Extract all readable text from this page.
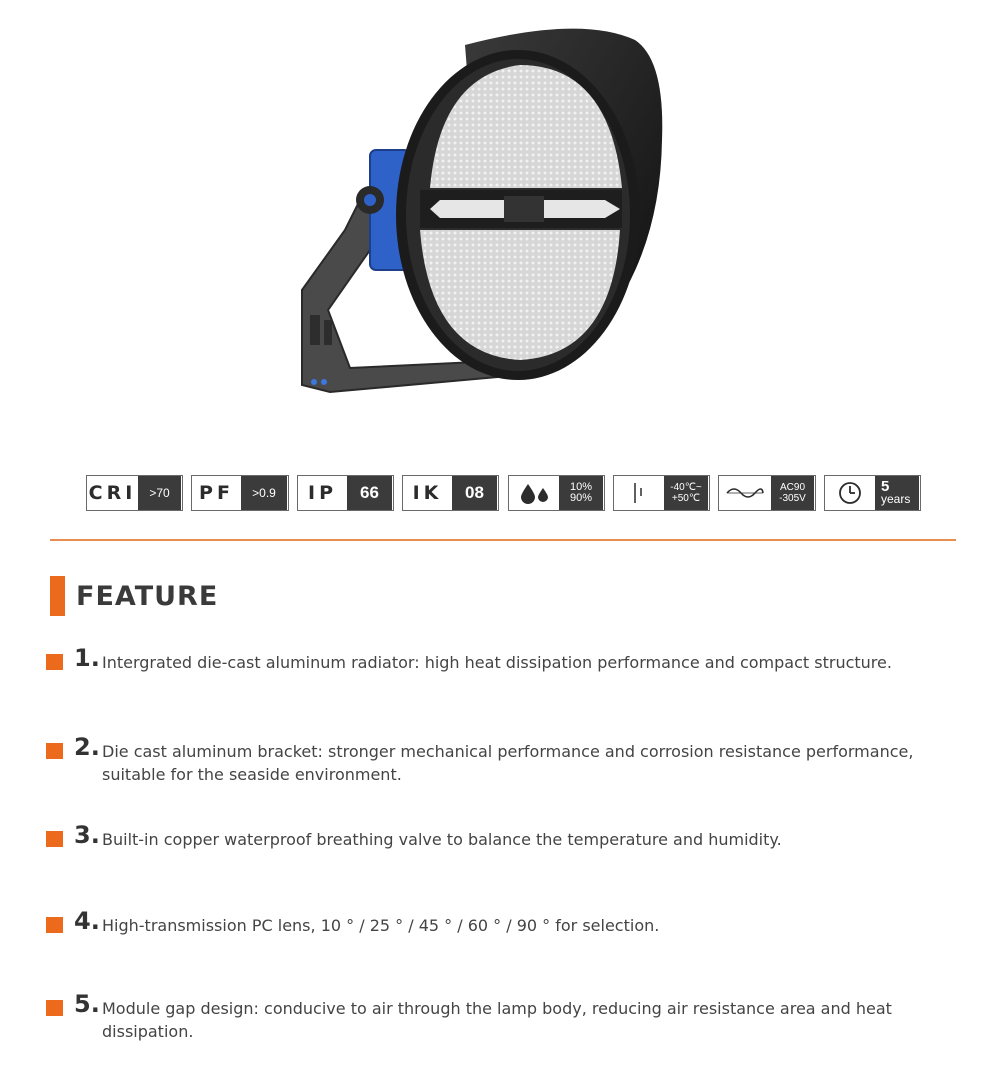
CRI	>70	PF	>0.9	IP	66	IK	08	10%
90%
-40℃~
+50℃
AC90
-305V
5
years
FEATURE
1. Intergrated die-cast aluminum radiator: high heat dissipation performance and compact structure.
2. Die cast aluminum bracket: stronger mechanical performance and corrosion resistance performance, suitable for the seaside environment.
3. Built-in copper waterproof breathing valve to balance the temperature and humidity.
4. High-transmission PC lens, 10 ° / 25 ° / 45 ° / 60 ° / 90 ° for selection.
5. Module gap design: conducive to air through the lamp body, reducing air resistance area and heat dissipation.
